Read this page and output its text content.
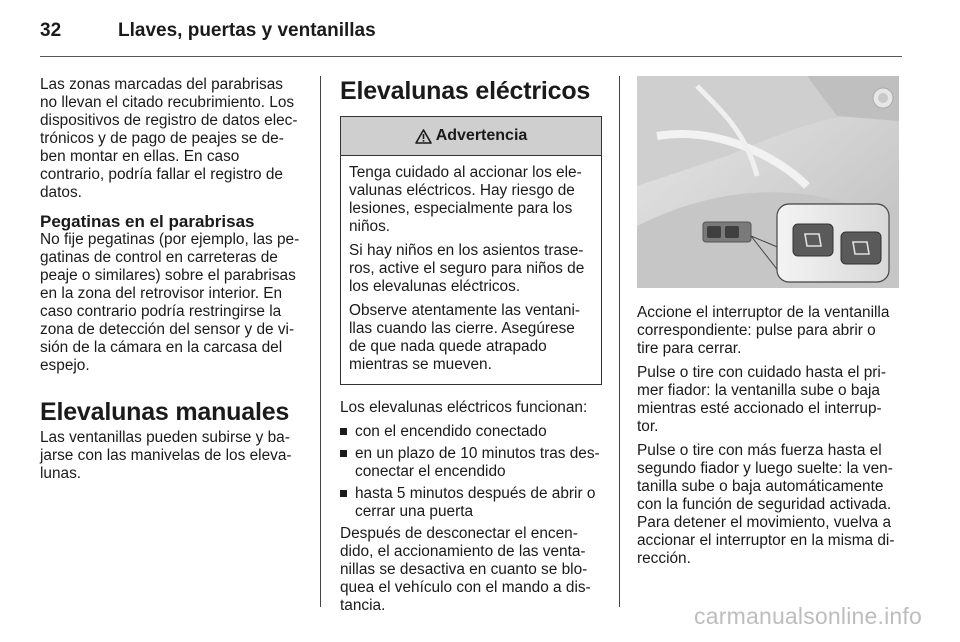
32	Llaves, puertas y ventanillas

Las zonas marcadas del parabrisas no llevan el citado recubrimiento. Los dispositivos de registro de datos elec-trónicos y de pago de peajes se de-ben montar en ellas. En caso contrario, podría fallar el registro de datos.

Pegatinas en el parabrisas

No fije pegatinas (por ejemplo, las pe-gatinas de control en carreteras de peaje o similares) sobre el parabrisas en la zona del retrovisor interior. En caso contrario podría restringirse la zona de detección del sensor y de vi-sión de la cámara en la carcasa del espejo.

Elevalunas manuales

Las ventanillas pueden subirse y ba-jarse con las manivelas de los eleva-lunas.

Elevalunas eléctricos
Advertencia

Tenga cuidado al accionar los ele-valunas eléctricos. Hay riesgo de lesiones, especialmente para los niños.

Si hay niños en los asientos trase-ros, active el seguro para niños de los elevalunas eléctricos.

Observe atentamente las ventani-llas cuando las cierre. Asegúrese de que nada quede atrapado mientras se mueven.

Los elevalunas eléctricos funcionan:

con el encendido conectado
en un plazo de 10 minutos tras des-conectar el encendido
hasta 5 minutos después de abrir o cerrar una puerta

Después de desconectar el encen-dido, el accionamiento de las venta-nillas se desactiva en cuanto se blo-quea el vehículo con el mando a dis-tancia.

Accione el interruptor de la ventanilla correspondiente: pulse para abrir o tire para cerrar.

Pulse o tire con cuidado hasta el pri-mer fiador: la ventanilla sube o baja mientras esté accionado el interrup-tor.

Pulse o tire con más fuerza hasta el segundo fiador y luego suelte: la ven-tanilla sube o baja automáticamente con la función de seguridad activada. Para detener el movimiento, vuelva a accionar el interruptor en la misma di-rección.

carmanualsonline.info
